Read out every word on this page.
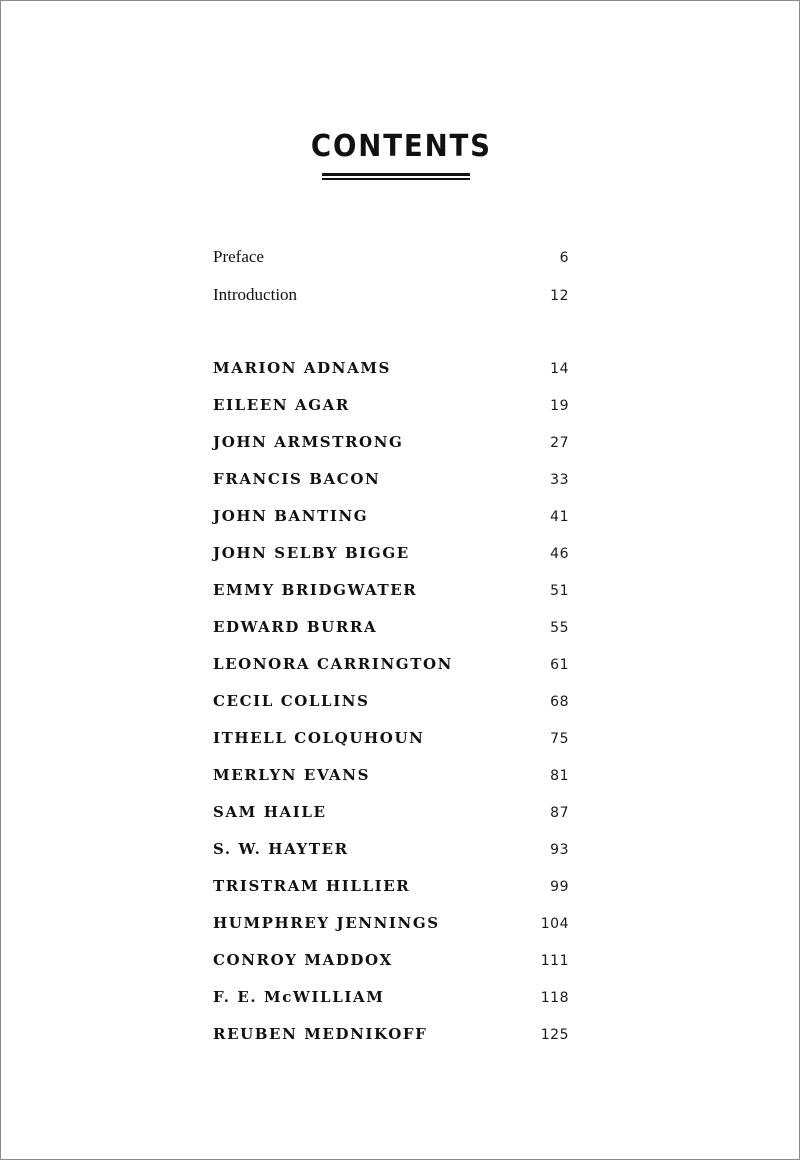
CONTENTS
Preface	6
Introduction	12
MARION ADNAMS	14
EILEEN AGAR	19
JOHN ARMSTRONG	27
FRANCIS BACON	33
JOHN BANTING	41
JOHN SELBY BIGGE	46
EMMY BRIDGWATER	51
EDWARD BURRA	55
LEONORA CARRINGTON	61
CECIL COLLINS	68
ITHELL COLQUHOUN	75
MERLYN EVANS	81
SAM HAILE	87
S. W. HAYTER	93
TRISTRAM HILLIER	99
HUMPHREY JENNINGS	104
CONROY MADDOX	111
F. E. McWILLIAM	118
REUBEN MEDNIKOFF	125
